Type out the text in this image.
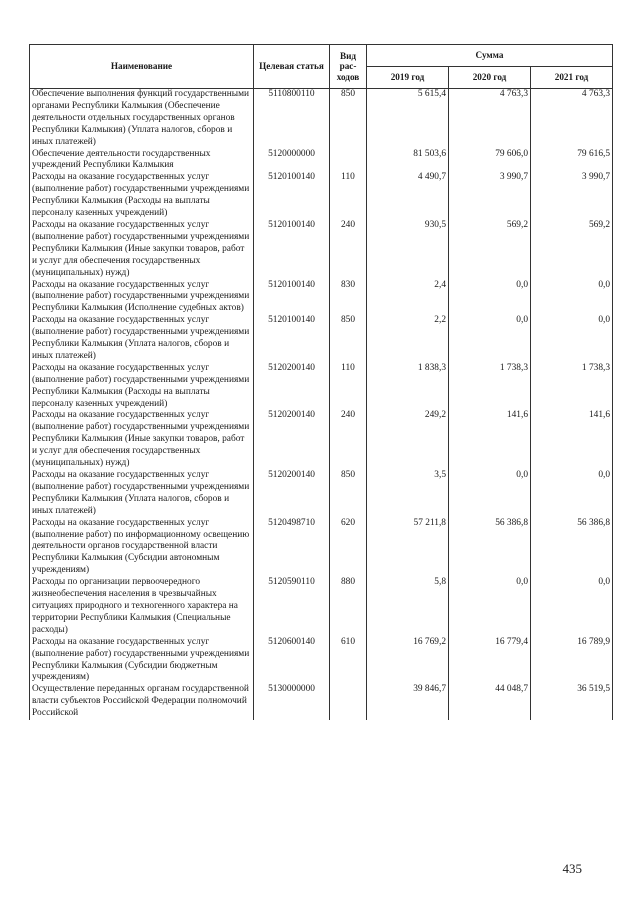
Наименование	Целевая статья	Вид рас-ходов	Сумма		
			2019 год	2020 год	2021 год
Обеспечение выполнения функций государственными органами Республики Калмыкия (Обеспечение деятельности отдельных государственных органов Республики Калмыкия) (Уплата налогов, сборов и иных платежей)	5110800110	850	5 615,4	4 763,3	4 763,3
Обеспечение деятельности государственных учреждений Республики Калмыкия	5120000000		81 503,6	79 606,0	79 616,5
Расходы на оказание государственных услуг (выполнение работ) государственными учреждениями Республики Калмыкия (Расходы на выплаты персоналу казенных учреждений)	5120100140	110	4 490,7	3 990,7	3 990,7
Расходы на оказание государственных услуг (выполнение работ) государственными учреждениями Республики Калмыкия (Иные закупки товаров, работ и услуг для обеспечения государственных (муниципальных) нужд)	5120100140	240	930,5	569,2	569,2
Расходы на оказание государственных услуг (выполнение работ) государственными учреждениями Республики Калмыкия (Исполнение судебных актов)	5120100140	830	2,4	0,0	0,0
Расходы на оказание государственных услуг (выполнение работ) государственными учреждениями Республики Калмыкия (Уплата налогов, сборов и иных платежей)	5120100140	850	2,2	0,0	0,0
Расходы на оказание государственных услуг (выполнение работ) государственными учреждениями Республики Калмыкия (Расходы на выплаты персоналу казенных учреждений)	5120200140	110	1 838,3	1 738,3	1 738,3
Расходы на оказание государственных услуг (выполнение работ) государственными учреждениями Республики Калмыкия (Иные закупки товаров, работ и услуг для обеспечения государственных (муниципальных) нужд)	5120200140	240	249,2	141,6	141,6
Расходы на оказание государственных услуг (выполнение работ) государственными учреждениями Республики Калмыкия (Уплата налогов, сборов и иных платежей)	5120200140	850	3,5	0,0	0,0
Расходы на оказание государственных услуг (выполнение работ) по информационному освещению деятельности органов государственной власти Республики Калмыкия (Субсидии автономным учреждениям)	5120498710	620	57 211,8	56 386,8	56 386,8
Расходы по организации первоочередного жизнеобеспечения населения в чрезвычайных ситуациях природного и техногенного характера на территории Республики Калмыкия (Специальные расходы)	5120590110	880	5,8	0,0	0,0
Расходы на оказание государственных услуг (выполнение работ) государственными учреждениями Республики Калмыкия (Субсидии бюджетным учреждениям)	5120600140	610	16 769,2	16 779,4	16 789,9
Осуществление переданных органам государственной власти субъектов Российской Федерации полномочий Российской	5130000000		39 846,7	44 048,7	36 519,5
435
